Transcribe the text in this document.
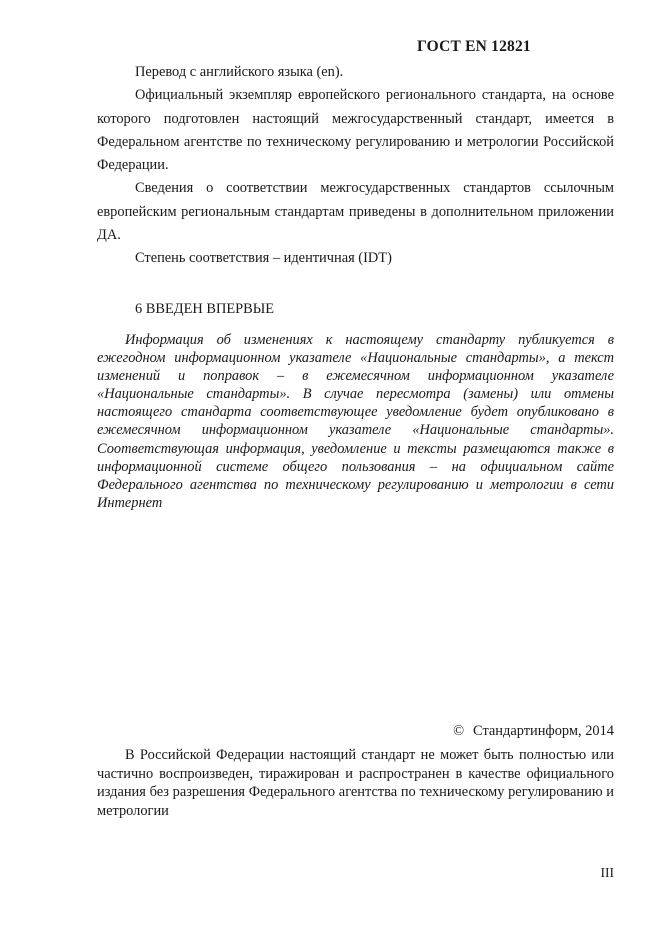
ГОСТ EN 12821

Перевод с английского языка (en).

Официальный экземпляр европейского регионального стандарта, на основе которого подготовлен настоящий межгосударственный стандарт, имеется в Федеральном агентстве по техническому регулированию и метрологии Российской Федерации.

Сведения о соответствии межгосударственных стандартов ссылочным европейским региональным стандартам приведены в дополнительном приложении ДА.

Степень соответствия – идентичная (IDT)

6 ВВЕДЕН ВПЕРВЫЕ

Информация об изменениях к настоящему стандарту публикуется в ежегодном информационном указателе «Национальные стандарты», а текст изменений и поправок – в ежемесячном информационном указателе «Национальные стандарты». В случае пересмотра (замены) или отмены настоящего стандарта соответствующее уведомление будет опубликовано в ежемесячном информационном указателе «Национальные стандарты». Соответствующая информация, уведомление и тексты размещаются также в информационной системе общего пользования – на официальном сайте Федерального агентства по техническому регулированию и метрологии в сети Интернет

© Стандартинформ, 2014

В Российской Федерации настоящий стандарт не может быть полностью или частично воспроизведен, тиражирован и распространен в качестве официального издания без разрешения Федерального агентства по техническому регулированию и метрологии

III
